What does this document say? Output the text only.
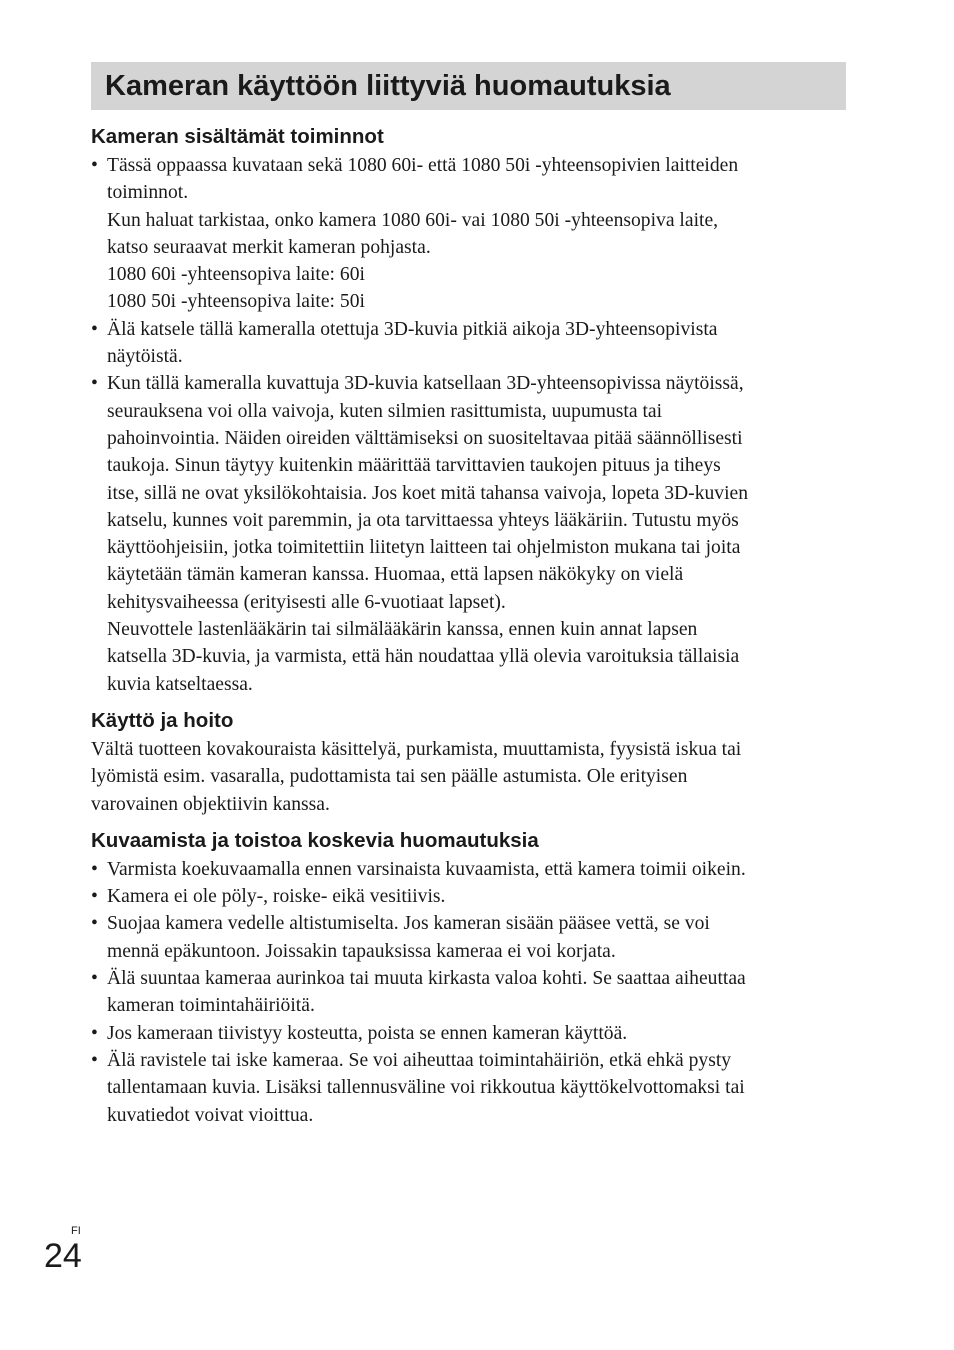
Kameran käyttöön liittyviä huomautuksia
Kameran sisältämät toiminnot

• Tässä oppaassa kuvataan sekä 1080 60i- että 1080 50i -yhteensopivien laitteiden

toiminnot.

Kun haluat tarkistaa, onko kamera 1080 60i- vai 1080 50i -yhteensopiva laite,

katso seuraavat merkit kameran pohjasta.

1080 60i -yhteensopiva laite: 60i

1080 50i -yhteensopiva laite: 50i

• Älä katsele tällä kameralla otettuja 3D-kuvia pitkiä aikoja 3D-yhteensopivista

näytöistä.

• Kun tällä kameralla kuvattuja 3D-kuvia katsellaan 3D-yhteensopivissa näytöissä,

seurauksena voi olla vaivoja, kuten silmien rasittumista, uupumusta tai

pahoinvointia. Näiden oireiden välttämiseksi on suositeltavaa pitää säännöllisesti

taukoja. Sinun täytyy kuitenkin määrittää tarvittavien taukojen pituus ja tiheys

itse, sillä ne ovat yksilökohtaisia. Jos koet mitä tahansa vaivoja, lopeta 3D-kuvien

katselu, kunnes voit paremmin, ja ota tarvittaessa yhteys lääkäriin. Tutustu myös

käyttöohjeisiin, jotka toimitettiin liitetyn laitteen tai ohjelmiston mukana tai joita

käytetään tämän kameran kanssa. Huomaa, että lapsen näkökyky on vielä

kehitysvaiheessa (erityisesti alle 6-vuotiaat lapset).

Neuvottele lastenlääkärin tai silmälääkärin kanssa, ennen kuin annat lapsen

katsella 3D-kuvia, ja varmista, että hän noudattaa yllä olevia varoituksia tällaisia

kuvia katseltaessa.

Käyttö ja hoito

Vältä tuotteen kovakouraista käsittelyä, purkamista, muuttamista, fyysistä iskua tai

lyömistä esim. vasaralla, pudottamista tai sen päälle astumista. Ole erityisen

varovainen objektiivin kanssa.

Kuvaamista ja toistoa koskevia huomautuksia

• Varmista koekuvaamalla ennen varsinaista kuvaamista, että kamera toimii oikein.

• Kamera ei ole pöly-, roiske- eikä vesitiivis.

• Suojaa kamera vedelle altistumiselta. Jos kameran sisään pääsee vettä, se voi

mennä epäkuntoon. Joissakin tapauksissa kameraa ei voi korjata.

• Älä suuntaa kameraa aurinkoa tai muuta kirkasta valoa kohti. Se saattaa aiheuttaa

kameran toimintahäiriöitä.

• Jos kameraan tiivistyy kosteutta, poista se ennen kameran käyttöä.

• Älä ravistele tai iske kameraa. Se voi aiheuttaa toimintahäiriön, etkä ehkä pysty

tallentamaan kuvia. Lisäksi tallennusväline voi rikkoutua käyttökelvottomaksi tai

kuvatiedot voivat vioittua.

FI
24
